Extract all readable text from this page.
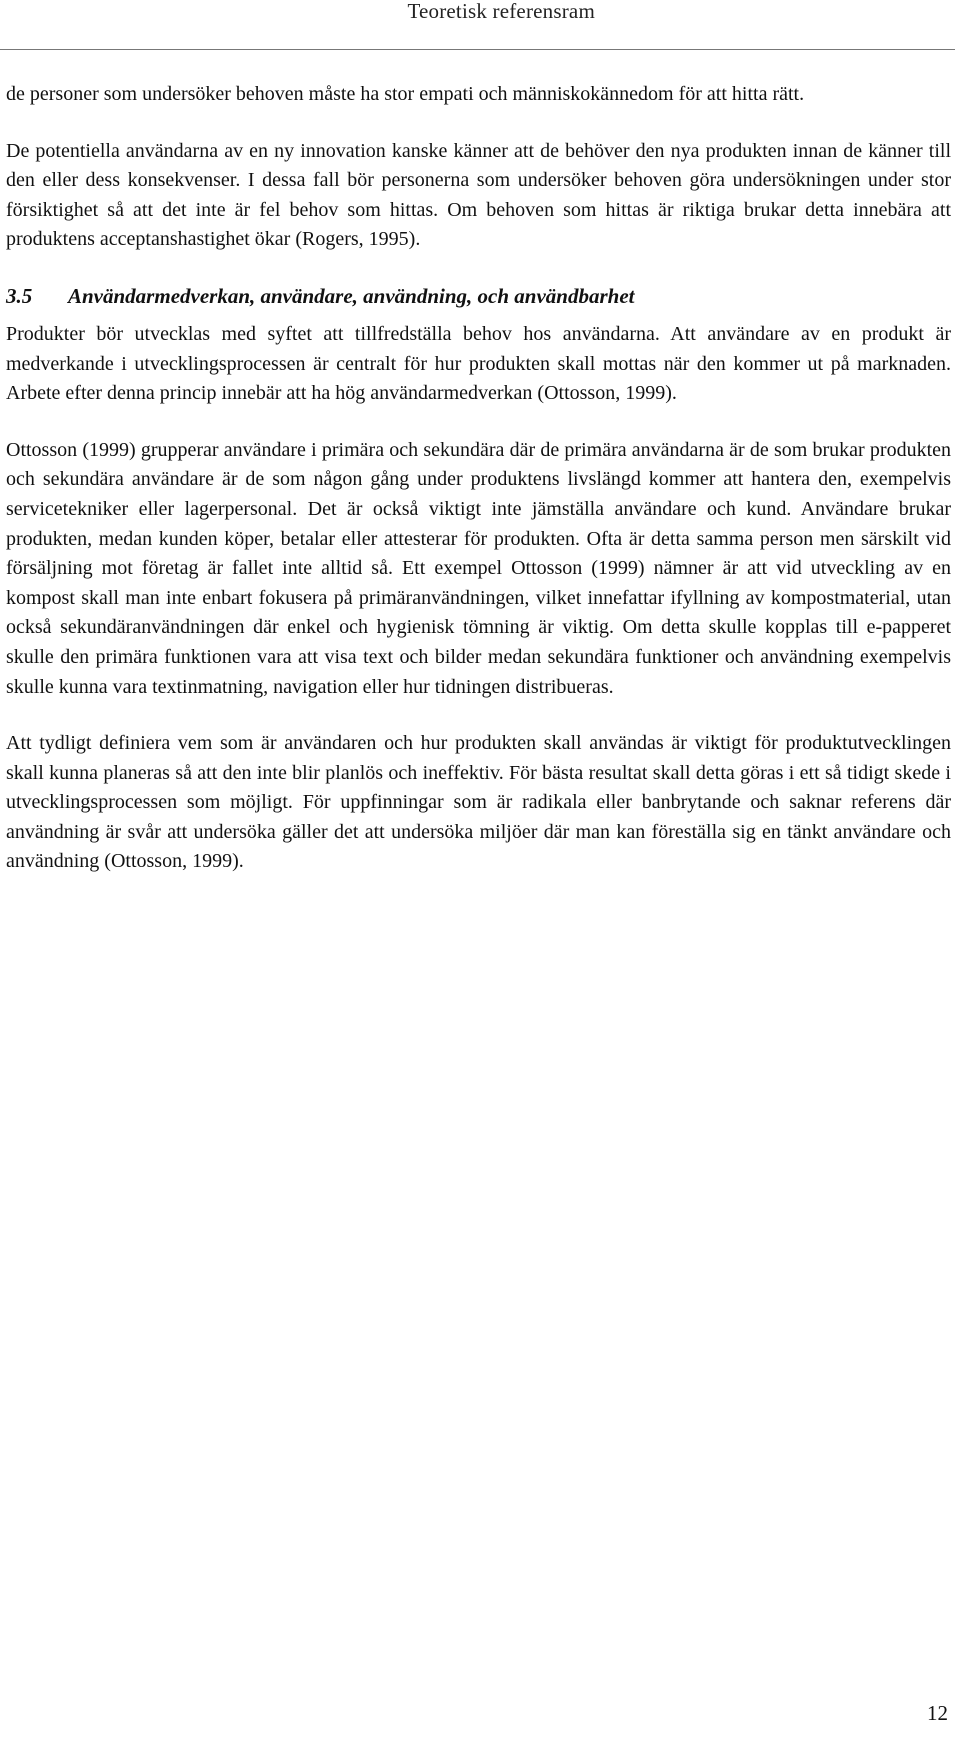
Teoretisk referensram

de personer som undersöker behoven måste ha stor empati och människokännedom för att hitta rätt.

De potentiella användarna av en ny innovation kanske känner att de behöver den nya produkten innan de känner till den eller dess konsekvenser. I dessa fall bör personerna som undersöker behoven göra undersökningen under stor försiktighet så att det inte är fel behov som hittas. Om behoven som hittas är riktiga brukar detta innebära att produktens acceptanshastighet ökar (Rogers, 1995).

3.5	Användarmedverkan, användare, användning, och användbarhet

Produkter bör utvecklas med syftet att tillfredställa behov hos användarna. Att användare av en produkt är medverkande i utvecklingsprocessen är centralt för hur produkten skall mottas när den kommer ut på marknaden. Arbete efter denna princip innebär att ha hög användarmedverkan (Ottosson, 1999).

Ottosson (1999) grupperar användare i primära och sekundära där de primära användarna är de som brukar produkten och sekundära användare är de som någon gång under produktens livslängd kommer att hantera den, exempelvis servicetekniker eller lagerpersonal. Det är också viktigt inte jämställa användare och kund. Användare brukar produkten, medan kunden köper, betalar eller attesterar för produkten. Ofta är detta samma person men särskilt vid försäljning mot företag är fallet inte alltid så. Ett exempel Ottosson (1999) nämner är att vid utveckling av en kompost skall man inte enbart fokusera på primäranvändningen, vilket innefattar ifyllning av kompostmaterial, utan också sekundäranvändningen där enkel och hygienisk tömning är viktig. Om detta skulle kopplas till e-papperet skulle den primära funktionen vara att visa text och bilder medan sekundära funktioner och användning exempelvis skulle kunna vara textinmatning, navigation eller hur tidningen distribueras.

Att tydligt definiera vem som är användaren och hur produkten skall användas är viktigt för produktutvecklingen skall kunna planeras så att den inte blir planlös och ineffektiv. För bästa resultat skall detta göras i ett så tidigt skede i utvecklingsprocessen som möjligt. För uppfinningar som är radikala eller banbrytande och saknar referens där användning är svår att undersöka gäller det att undersöka miljöer där man kan föreställa sig en tänkt användare och användning (Ottosson, 1999).

12
